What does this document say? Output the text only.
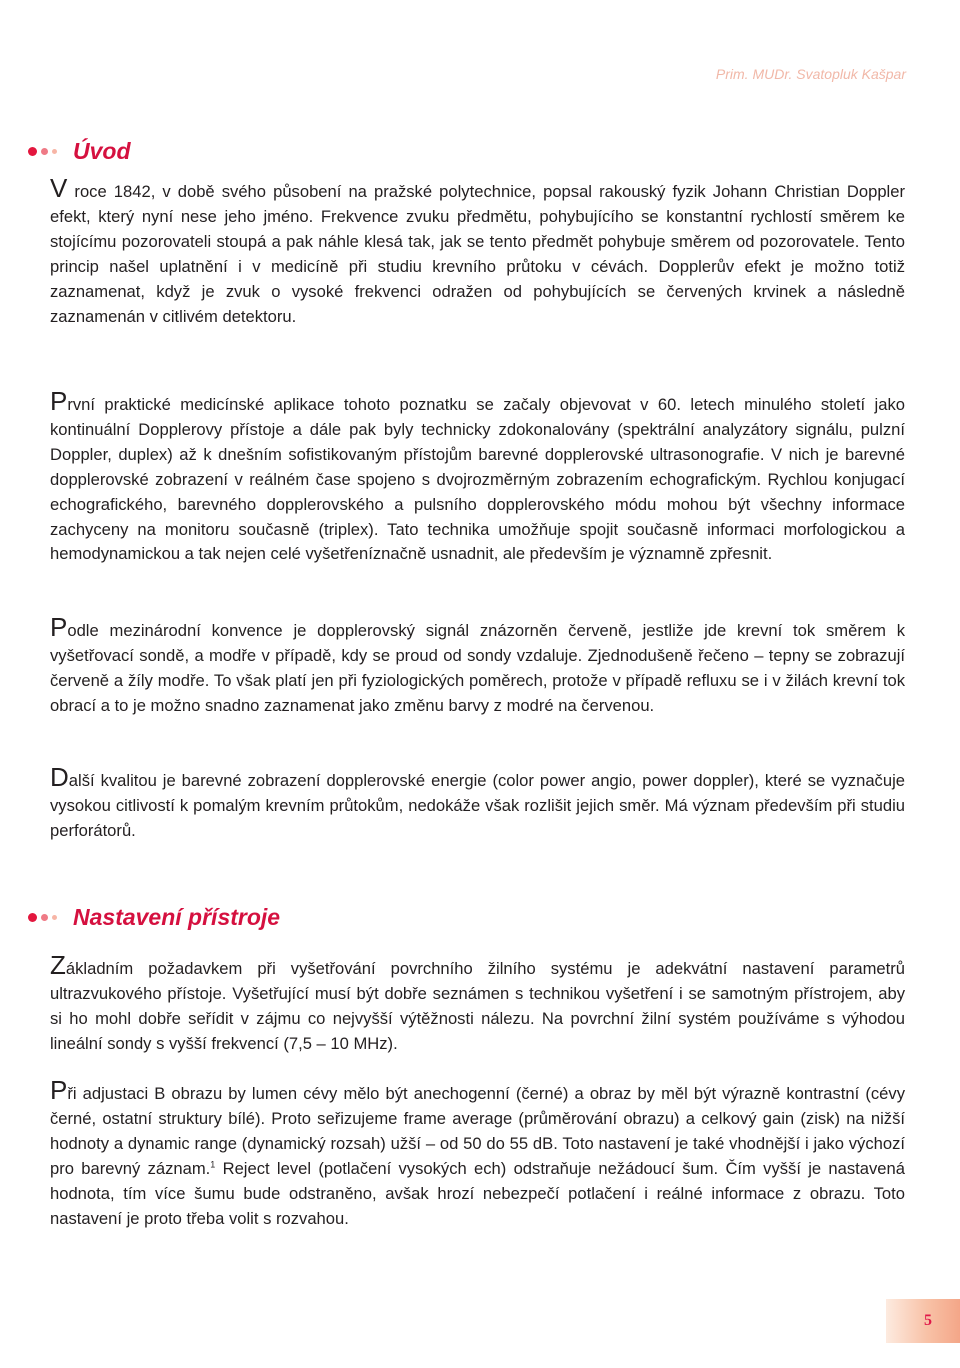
Prim. MUDr. Svatopluk Kašpar
Úvod

V roce 1842, v době svého působení na pražské polytechnice, popsal rakouský fyzik Johann Christian Doppler efekt, který nyní nese jeho jméno. Frekvence zvuku předmětu, pohybujícího se konstantní rychlostí směrem ke stojícímu pozorovateli stoupá a pak náhle klesá tak, jak se tento předmět pohybuje směrem od pozorovatele. Tento princip našel uplatnění i v medicíně při studiu krevního průtoku v cévách. Dopplerův efekt je možno totiž zaznamenat, když je zvuk o vysoké frekvenci odražen od pohybujících se červených krvinek a následně zaznamenán v citlivém detektoru.

První praktické medicínské aplikace tohoto poznatku se začaly objevovat v 60. letech minulého století jako kontinuální Dopplerovy přístoje a dále pak byly technicky zdokonalovány (spektrální analyzátory signálu, pulzní Doppler, duplex) až k dnešním sofistikovaným přístojům barevné dopplerovské ultrasonografie. V nich je barevné dopplerovské zobrazení v reálném čase spojeno s dvojrozměrným zobrazením echografickým. Rychlou konjugací echografického, barevného dopplerovského a pulsního dopplerovského módu mohou být všechny informace zachyceny na monitoru současně (triplex). Tato technika umožňuje spojit současně informaci morfologickou a hemodynamickou a tak nejen celé vyšetřeníznačně usnadnit, ale především je významně zpřesnit.

Podle mezinárodní konvence je dopplerovský signál znázorněn červeně, jestliže jde krevní tok směrem k vyšetřovací sondě, a modře v případě, kdy se proud od sondy vzdaluje. Zjednodušeně řečeno – tepny se zobrazují červeně a žíly modře. To však platí jen při fyziologických poměrech, protože v případě refluxu se i v žilách krevní tok obrací a to je možno snadno zaznamenat jako změnu barvy z modré na červenou.

Další kvalitou je barevné zobrazení dopplerovské energie (color power angio, power doppler), které se vyznačuje vysokou citlivostí k pomalým krevním průtokům, nedokáže však rozlišit jejich směr. Má význam především při studiu perforátorů.

Nastavení přístroje

Základním požadavkem při vyšetřování povrchního žilního systému je adekvátní nastavení parametrů ultrazvukového přístoje. Vyšetřující musí být dobře seznámen s technikou vyšetření i se samotným přístrojem, aby si ho mohl dobře seřídit v zájmu co nejvyšší výtěžnosti nálezu. Na povrchní žilní systém používáme s výhodou lineální sondy s vyšší frekvencí (7,5 – 10 MHz).

Při adjustaci B obrazu by lumen cévy mělo být anechogenní (černé) a obraz by měl být výrazně kontrastní (cévy černé, ostatní struktury bílé). Proto seřizujeme frame average (průměrování obrazu) a celkový gain (zisk) na nižší hodnoty a dynamic range (dynamický rozsah) užší – od 50 do 55 dB. Toto nastavení je také vhodnější i jako výchozí pro barevný záznam.$^1$ Reject level (potlačení vysokých ech) odstraňuje nežádoucí šum. Čím vyšší je nastavená hodnota, tím více šumu bude odstraněno, avšak hrozí nebezpečí potlačení i reálné informace z obrazu. Toto nastavení je proto třeba volit s rozvahou.

5
